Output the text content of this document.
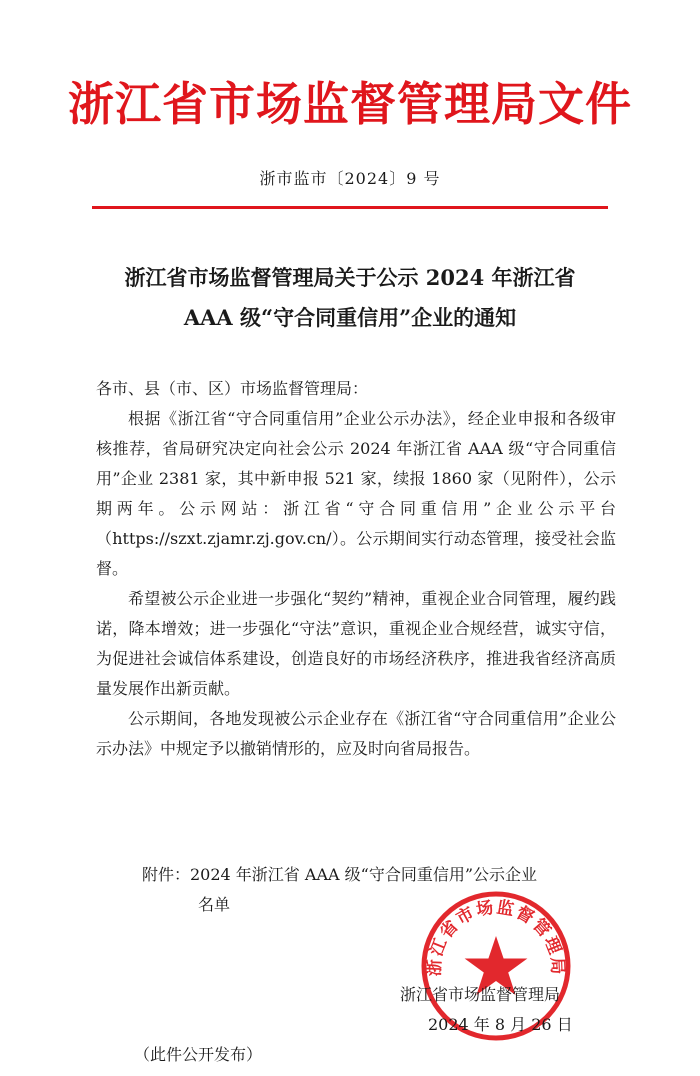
浙江省市场监督管理局文件
浙市监市〔2024〕9 号
浙江省市场监督管理局关于公示 2024 年浙江省
AAA 级“守合同重信用”企业的通知

各市、县（市、区）市场监督管理局：

根据《浙江省“守合同重信用”企业公示办法》，经企业申报和各级审核推荐，省局研究决定向社会公示 2024 年浙江省 AAA 级“守合同重信用”企业 2381 家，其中新申报 521 家，续报 1860 家（见附件），公示期两年。公示网站：浙江省“守合同重信用”企业公示平台（https://szxt.zjamr.zj.gov.cn/）。公示期间实行动态管理，接受社会监督。

希望被公示企业进一步强化“契约”精神，重视企业合同管理，履约践诺，降本增效；进一步强化“守法”意识，重视企业合规经营，诚实守信，为促进社会诚信体系建设，创造良好的市场经济秩序，推进我省经济高质量发展作出新贡献。

公示期间，各地发现被公示企业存在《浙江省“守合同重信用”企业公示办法》中规定予以撤销情形的，应及时向省局报告。

附件：2024 年浙江省 AAA 级“守合同重信用”公示企业
名单
浙江省市场监督管理局
浙江省市场监督管理局
2024 年 8 月 26 日
（此件公开发布）
